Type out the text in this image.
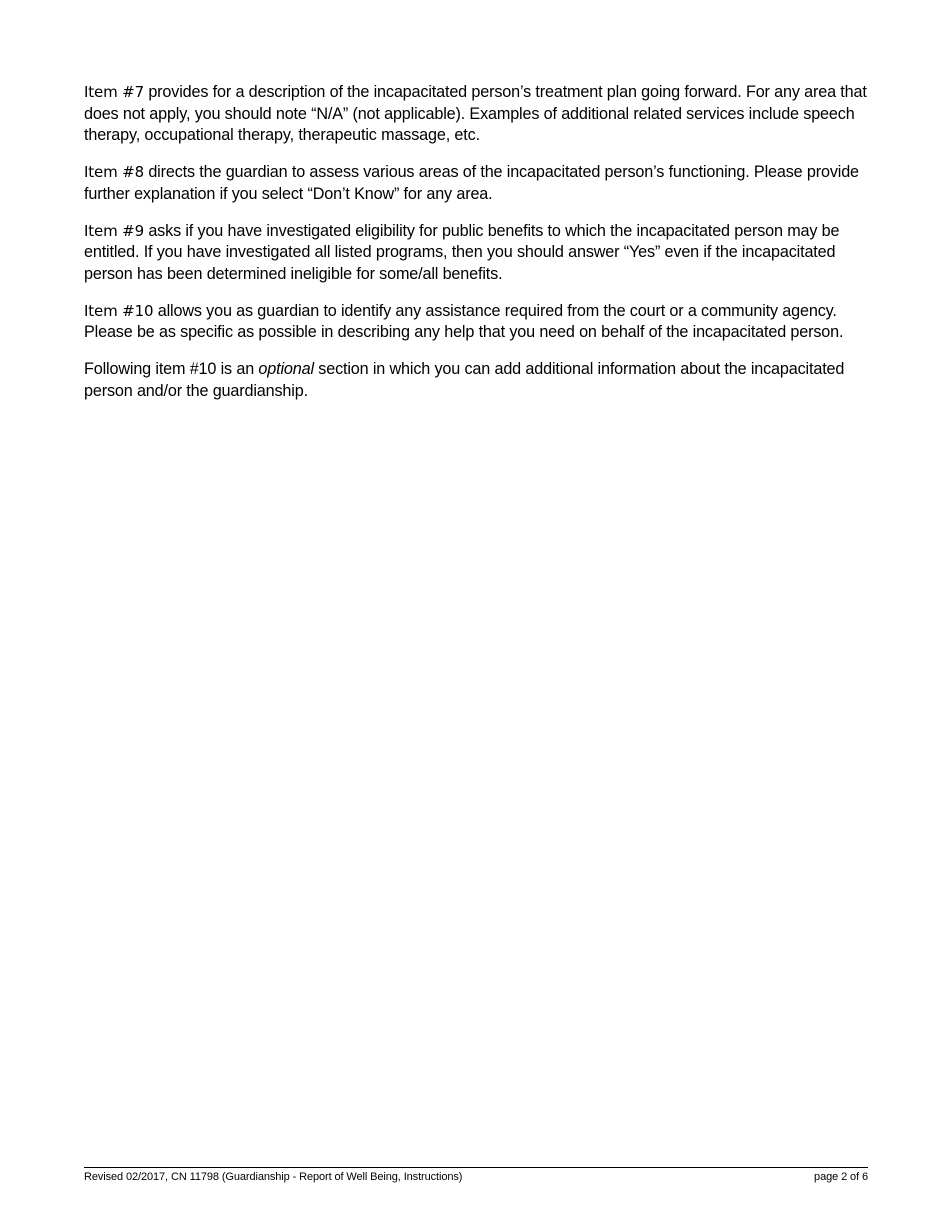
Item #7 provides for a description of the incapacitated person’s treatment plan going forward. For any area that does not apply, you should note “N/A” (not applicable). Examples of additional related services include speech therapy, occupational therapy, therapeutic massage, etc.

Item #8 directs the guardian to assess various areas of the incapacitated person’s functioning. Please provide further explanation if you select “Don’t Know” for any area.

Item #9 asks if you have investigated eligibility for public benefits to which the incapacitated person may be entitled. If you have investigated all listed programs, then you should answer “Yes” even if the incapacitated person has been determined ineligible for some/all benefits.

Item #10 allows you as guardian to identify any assistance required from the court or a community agency. Please be as specific as possible in describing any help that you need on behalf of the incapacitated person.

Following item #10 is an optional section in which you can add additional information about the incapacitated person and/or the guardianship.

Revised 02/2017, CN 11798 (Guardianship - Report of Well Being, Instructions)	page 2 of 6
